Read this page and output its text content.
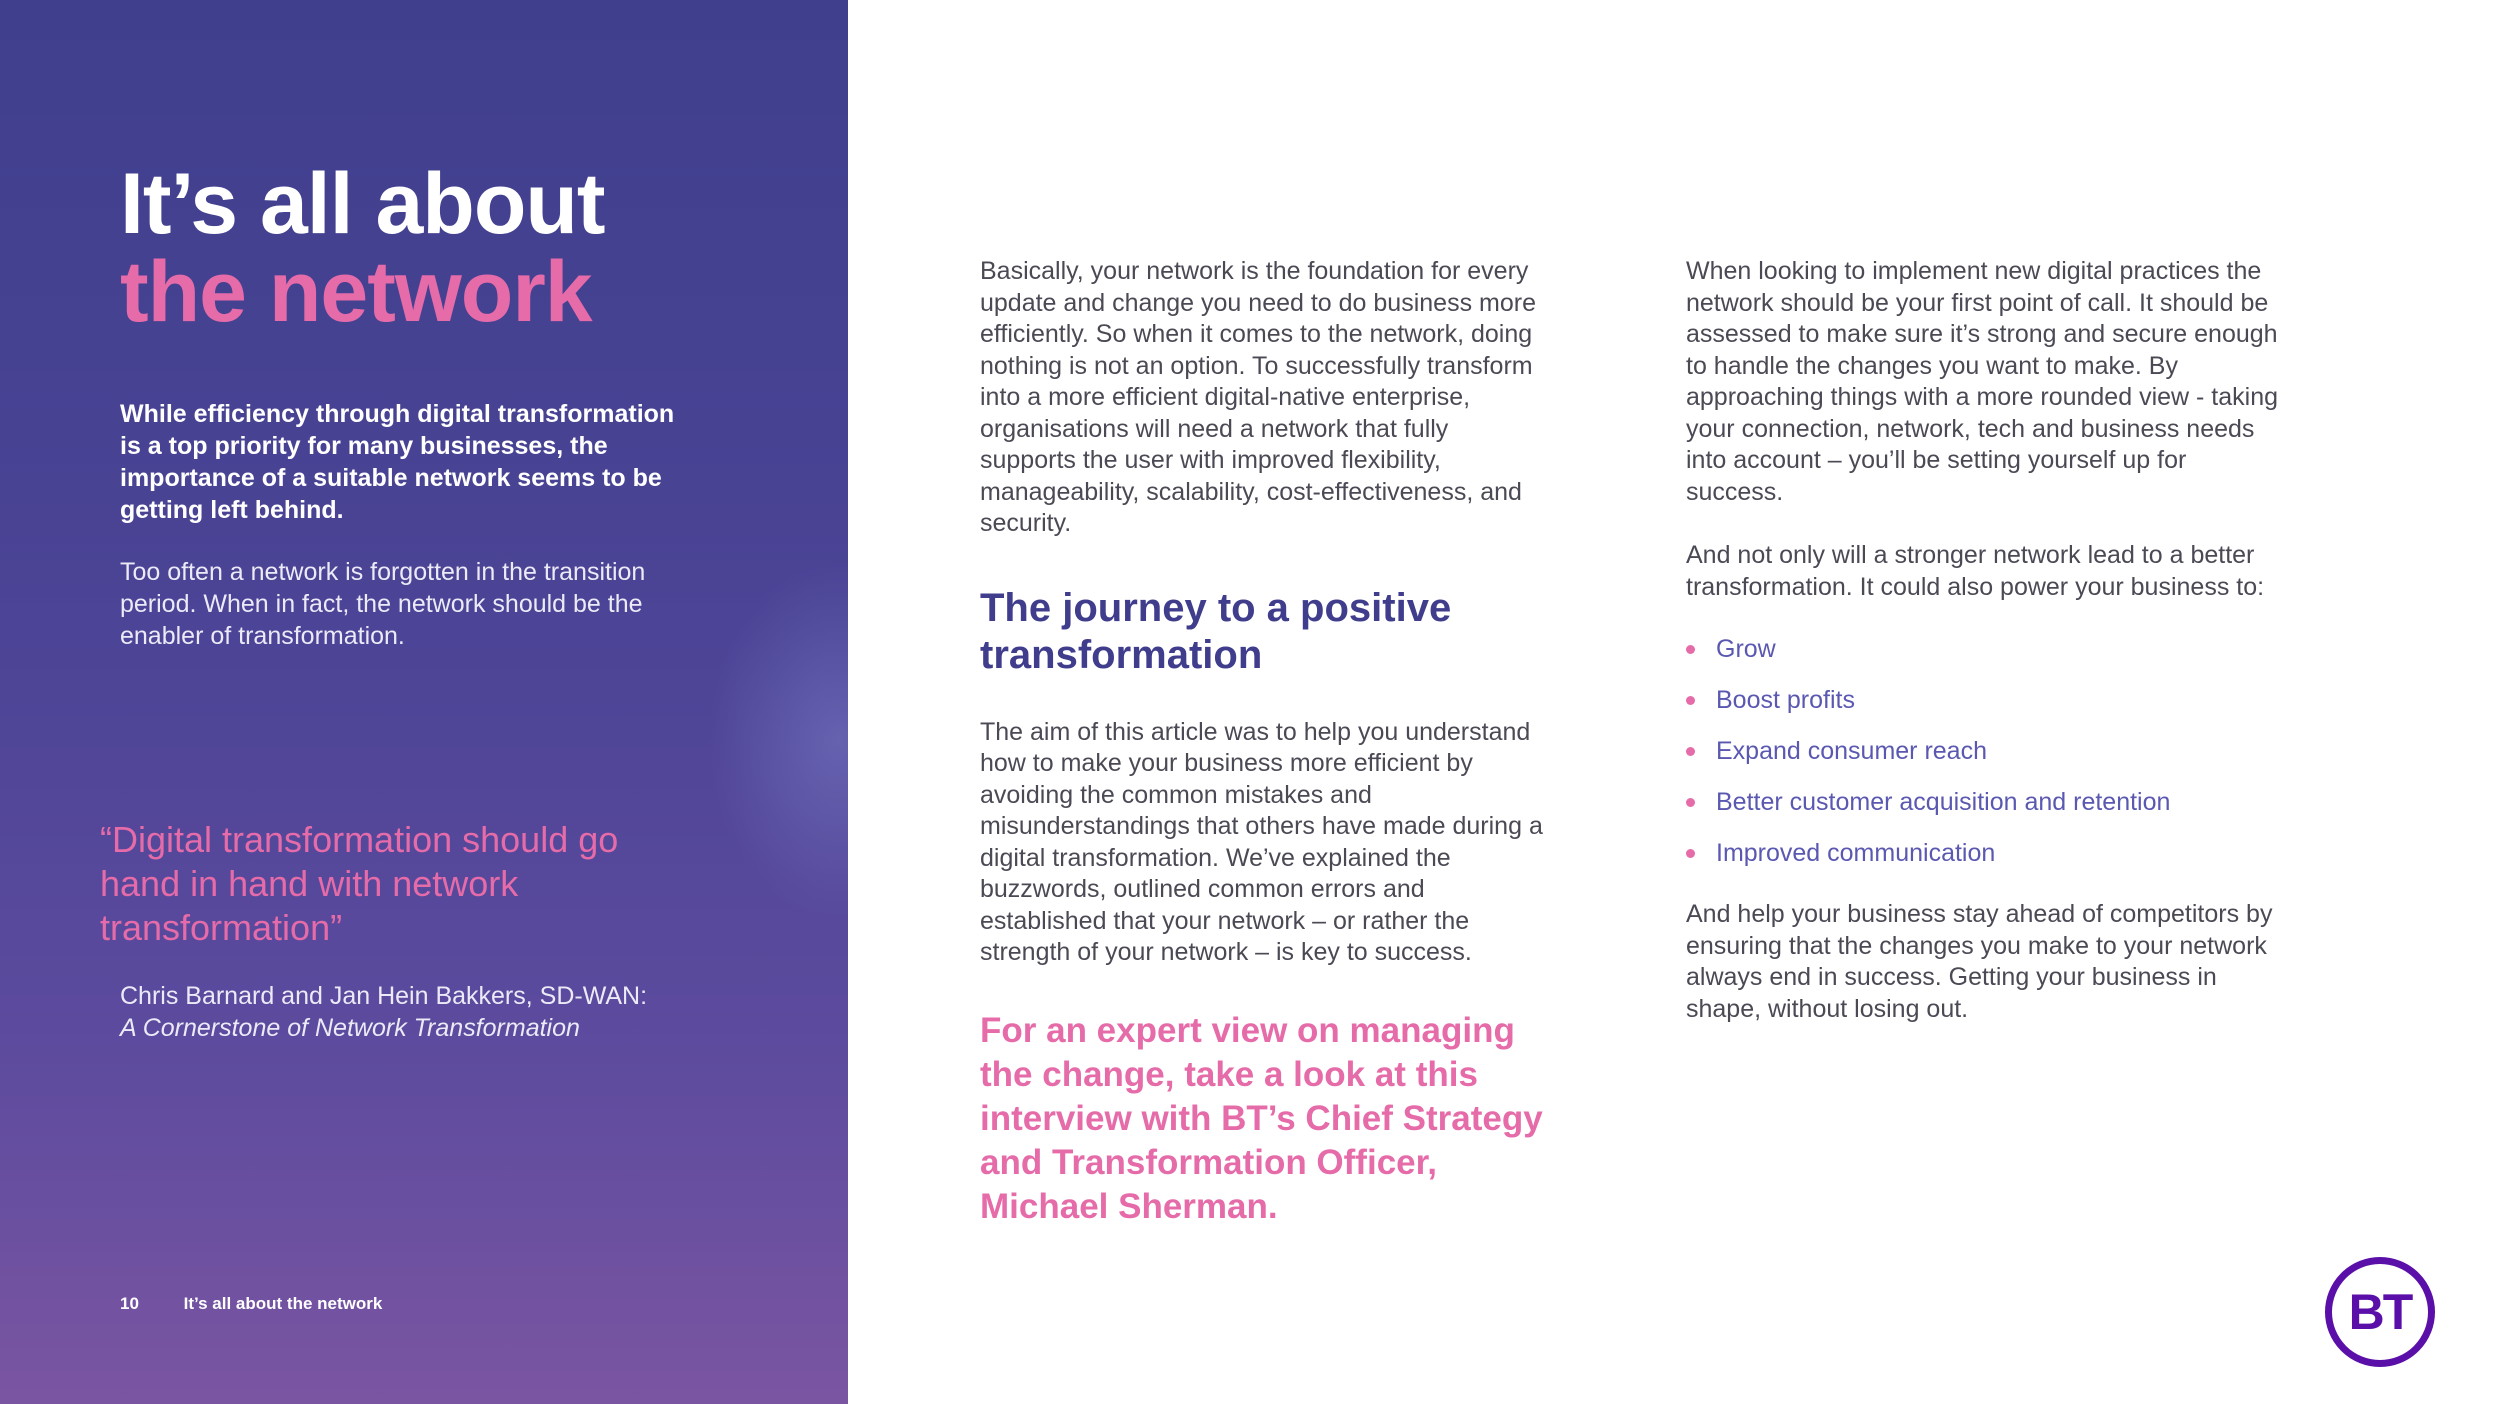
It’s all about
the network

While efficiency through digital transformation is a top priority for many businesses, the importance of a suitable network seems to be getting left behind.

Too often a network is forgotten in the transition period. When in fact, the network should be the enabler of transformation.

“Digital transformation should go hand in hand with network transformation”
Chris Barnard and Jan Hein Bakkers, SD-WAN:
A Cornerstone of Network Transformation
10	It’s all about the network

Basically, your network is the foundation for every update and change you need to do business more efficiently. So when it comes to the network, doing nothing is not an option. To successfully transform into a more efficient digital-native enterprise, organisations will need a network that fully supports the user with improved flexibility, manageability, scalability, cost-effectiveness, and security.

The journey to a positive transformation

The aim of this article was to help you understand how to make your business more efficient by avoiding the common mistakes and misunderstandings that others have made during a digital transformation. We’ve explained the buzzwords, outlined common errors and established that your network – or rather the strength of your network – is key to success.

For an expert view on managing the change, take a look at this interview with BT’s Chief Strategy and Transformation Officer, Michael Sherman.

When looking to implement new digital practices the network should be your first point of call. It should be assessed to make sure it’s strong and secure enough to handle the changes you want to make. By approaching things with a more rounded view - taking your connection, network, tech and business needs into account – you’ll be setting yourself up for success.

And not only will a stronger network lead to a better transformation. It could also power your business to:

Grow
Boost profits
Expand consumer reach
Better customer acquisition and retention
Improved communication

And help your business stay ahead of competitors by ensuring that the changes you make to your network always end in success. Getting your business in shape, without losing out.

BT
